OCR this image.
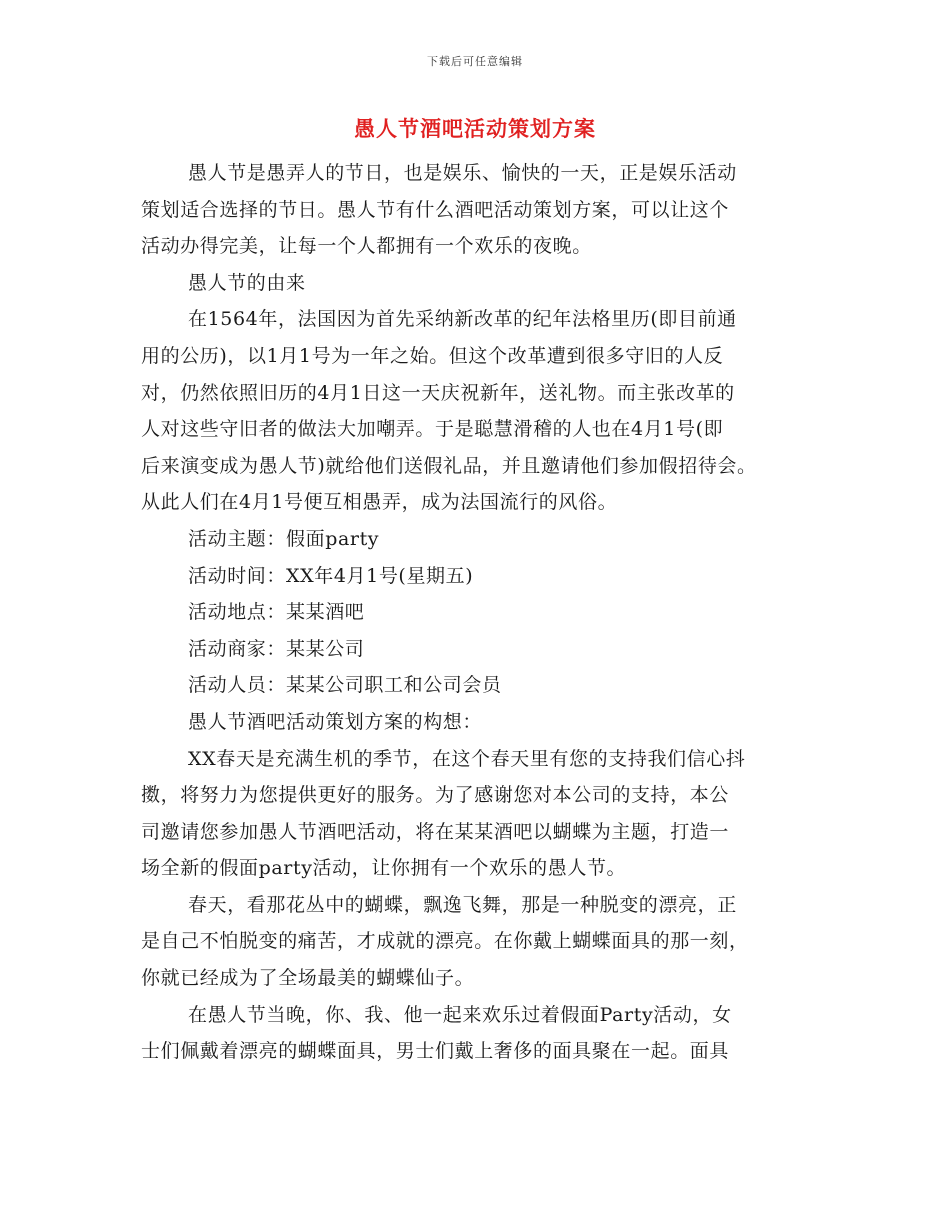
下载后可任意编辑
愚人节酒吧活动策划方案
愚人节是愚弄人的节日，也是娱乐、愉快的一天，正是娱乐活动
策划适合选择的节日。愚人节有什么酒吧活动策划方案，可以让这个
活动办得完美，让每一个人都拥有一个欢乐的夜晚。
愚人节的由来
在1564年，法国因为首先采纳新改革的纪年法格里历(即目前通
用的公历)，以1月1号为一年之始。但这个改革遭到很多守旧的人反
对，仍然依照旧历的4月1日这一天庆祝新年，送礼物。而主张改革的
人对这些守旧者的做法大加嘲弄。于是聪慧滑稽的人也在4月1号(即
后来演变成为愚人节)就给他们送假礼品，并且邀请他们参加假招待会。
从此人们在4月1号便互相愚弄，成为法国流行的风俗。
活动主题：假面party
活动时间：XX年4月1号(星期五)
活动地点：某某酒吧
活动商家：某某公司
活动人员：某某公司职工和公司会员
愚人节酒吧活动策划方案的构想：
XX春天是充满生机的季节，在这个春天里有您的支持我们信心抖
擞，将努力为您提供更好的服务。为了感谢您对本公司的支持，本公
司邀请您参加愚人节酒吧活动，将在某某酒吧以蝴蝶为主题，打造一
场全新的假面party活动，让你拥有一个欢乐的愚人节。
春天，看那花丛中的蝴蝶，飘逸飞舞，那是一种脱变的漂亮，正
是自己不怕脱变的痛苦，才成就的漂亮。在你戴上蝴蝶面具的那一刻，
你就已经成为了全场最美的蝴蝶仙子。
在愚人节当晚，你、我、他一起来欢乐过着假面Party活动，女
士们佩戴着漂亮的蝴蝶面具，男士们戴上奢侈的面具聚在一起。面具
